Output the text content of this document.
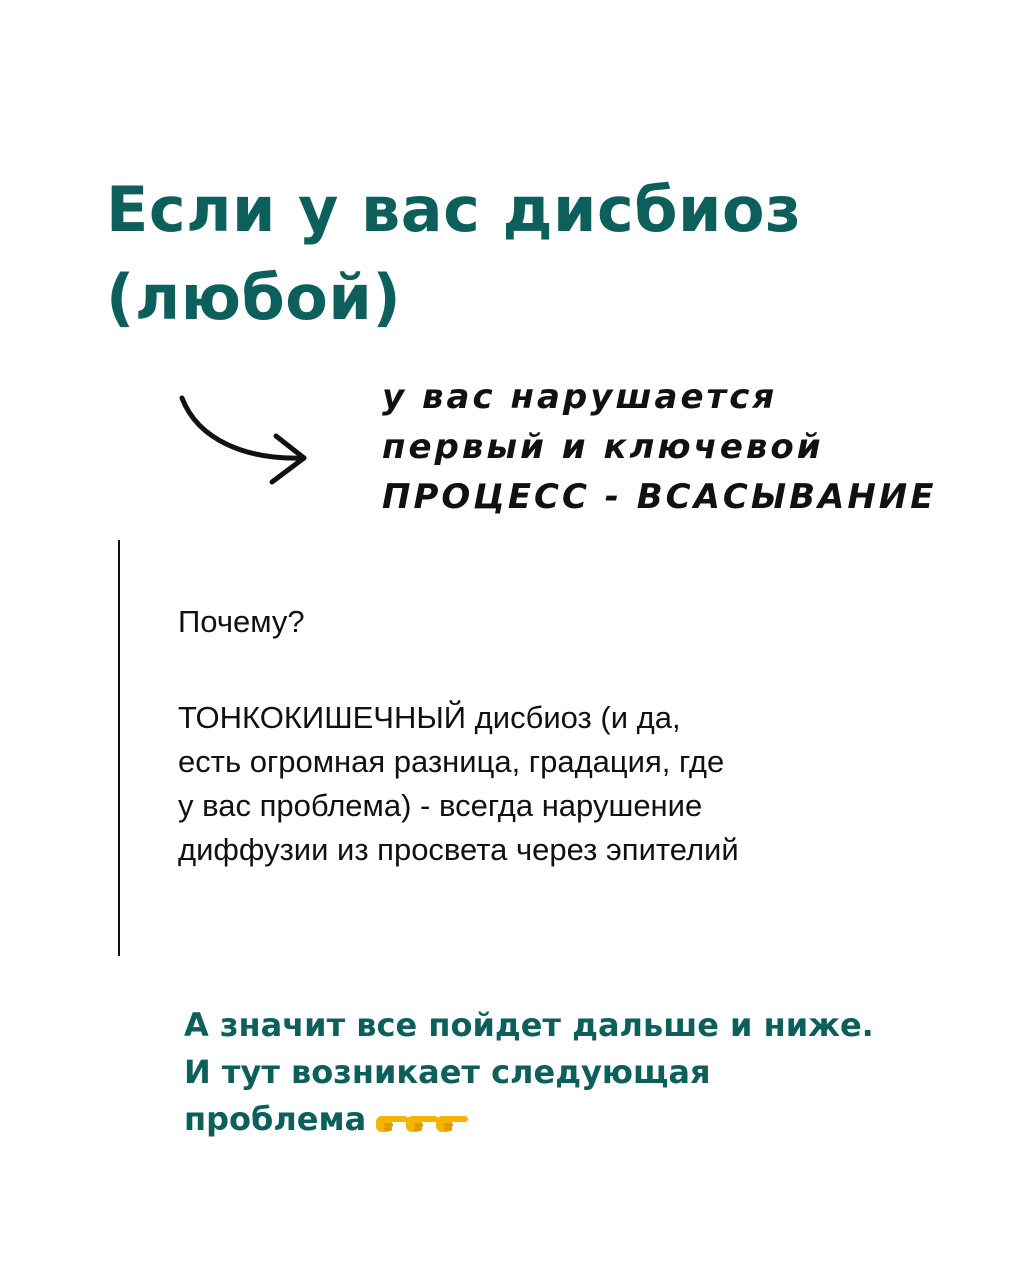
Если у вас дисбиоз
(любой)
у вас нарушается
первый и ключевой
ПРОЦЕСС - ВСАСЫВАНИЕ
Почему?
ТОНКОКИШЕЧНЫЙ дисбиоз (и да,
есть огромная разница, градация, где
у вас проблема) - всегда нарушение
диффузии из просвета через эпителий
А значит все пойдет дальше и ниже.
И тут возникает следующая
проблема
